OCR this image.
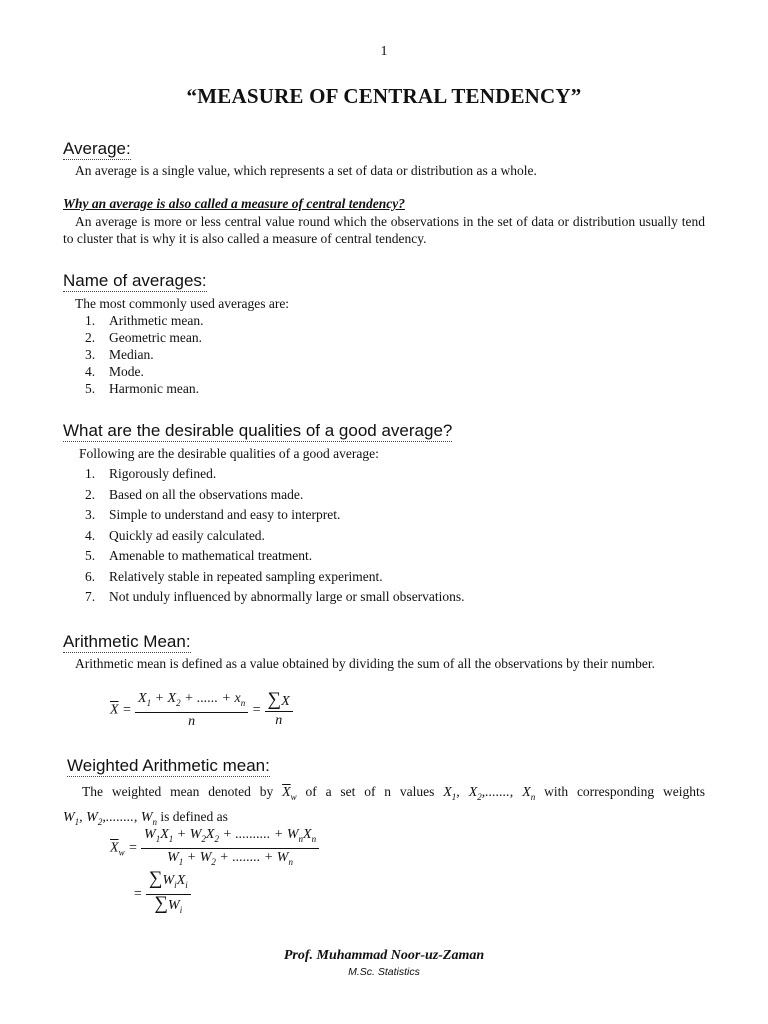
1
“MEASURE OF CENTRAL TENDENCY”
Average:
An average is a single value, which represents a set of data or distribution as a whole.
Why an average is also called a measure of central tendency?
An average is more or less central value round which the observations in the set of data or distribution usually tend to cluster that is why it is also called a measure of central tendency.
Name of averages:
The most commonly used averages are:
1. Arithmetic mean.
2. Geometric mean.
3. Median.
4. Mode.
5. Harmonic mean.
What are the desirable qualities of a good average?
Following are the desirable qualities of a good average:
1. Rigorously defined.
2. Based on all the observations made.
3. Simple to understand and easy to interpret.
4. Quickly ad easily calculated.
5. Amenable to mathematical treatment.
6. Relatively stable in repeated sampling experiment.
7. Not unduly influenced by abnormally large or small observations.
Arithmetic Mean:
Arithmetic mean is defined as a value obtained by dividing the sum of all the observations by their number.
$\overline{X} = \frac{X_1 + X_2 + ...... + x_n}{n} = \frac{\sum X}{n}$
Weighted Arithmetic mean:
The weighted mean denoted by $\overline{X}_w$ of a set of n values $X_1$, $X_2$,......., $X_n$ with corresponding weights $W_1$, $W_2$,........, $W_n$ is defined as
$\overline{X}_w = \frac{W_1X_1 + W_2X_2 + .......... + W_nX_n}{W_1 + W_2 + ........ + W_n}$
= $\frac{\sum W_iX_i}{\sum W_i}$
Prof. Muhammad Noor-uz-Zaman
M.Sc. Statistics
